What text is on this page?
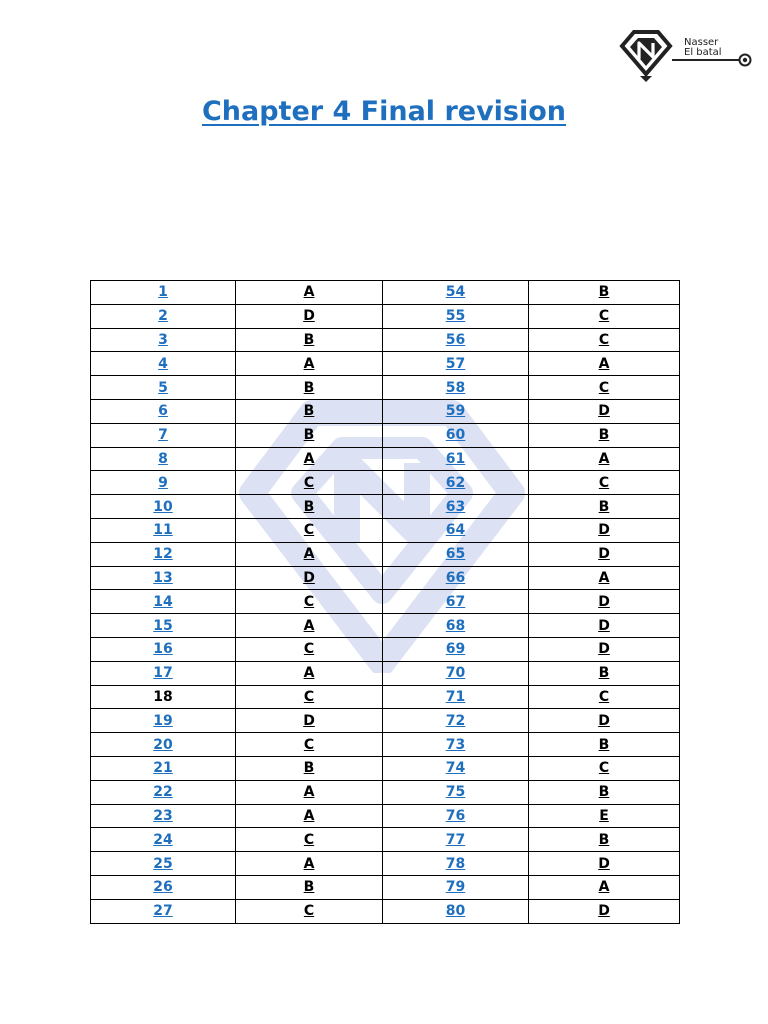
Nasser
El batal
Chapter 4 Final revision
1	A	54	B
2	D	55	C
3	B	56	C
4	A	57	A
5	B	58	C
6	B	59	D
7	B	60	B
8	A	61	A
9	C	62	C
10	B	63	B
11	C	64	D
12	A	65	D
13	D	66	A
14	C	67	D
15	A	68	D
16	C	69	D
17	A	70	B
18	C	71	C
19	D	72	D
20	C	73	B
21	B	74	C
22	A	75	B
23	A	76	E
24	C	77	B
25	A	78	D
26	B	79	A
27	C	80	D
